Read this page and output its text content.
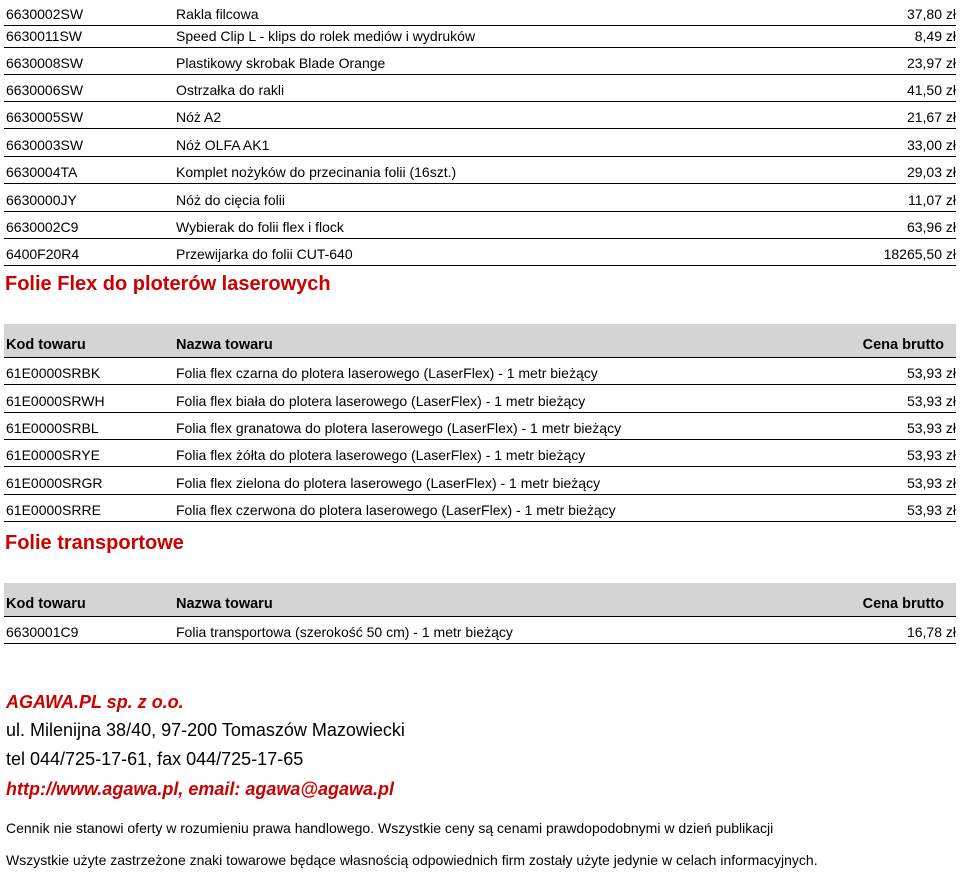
6630002SW	Rakla filcowa	37,80 zł
6630011SW	Speed Clip L - klips do rolek mediów i wydruków	8,49 zł
6630008SW	Plastikowy skrobak Blade Orange	23,97 zł
6630006SW	Ostrzałka do rakli	41,50 zł
6630005SW	Nóż A2	21,67 zł
6630003SW	Nóż OLFA AK1	33,00 zł
6630004TA	Komplet nożyków do przecinania folii (16szt.)	29,03 zł
6630000JY	Nóż do cięcia folii	11,07 zł
6630002C9	Wybierak do folii flex i flock	63,96 zł
6400F20R4	Przewijarka do folii CUT-640	18265,50 zł
Folie Flex do ploterów laserowych
Kod towaru	Nazwa towaru	Cena brutto
61E0000SRBK	Folia flex czarna do plotera laserowego (LaserFlex) - 1 metr bieżący	53,93 zł
61E0000SRWH	Folia flex biała do plotera laserowego (LaserFlex) - 1 metr bieżący	53,93 zł
61E0000SRBL	Folia flex granatowa do plotera laserowego (LaserFlex) - 1 metr bieżący	53,93 zł
61E0000SRYE	Folia flex żółta do plotera laserowego (LaserFlex) - 1 metr bieżący	53,93 zł
61E0000SRGR	Folia flex zielona do plotera laserowego (LaserFlex) - 1 metr bieżący	53,93 zł
61E0000SRRE	Folia flex czerwona do plotera laserowego (LaserFlex) - 1 metr bieżący	53,93 zł
Folie transportowe
Kod towaru	Nazwa towaru	Cena brutto
6630001C9	Folia transportowa (szerokość 50 cm) - 1 metr bieżący	16,78 zł
AGAWA.PL sp. z o.o.
ul. Milenijna 38/40, 97-200 Tomaszów Mazowiecki
tel 044/725-17-61, fax 044/725-17-65
http://www.agawa.pl, email: agawa@agawa.pl
Cennik nie stanowi oferty w rozumieniu prawa handlowego. Wszystkie ceny są cenami prawdopodobnymi w dzień publikacji
Wszystkie użyte zastrzeżone znaki towarowe będące własnością odpowiednich firm zostały użyte jedynie w celach informacyjnych.
